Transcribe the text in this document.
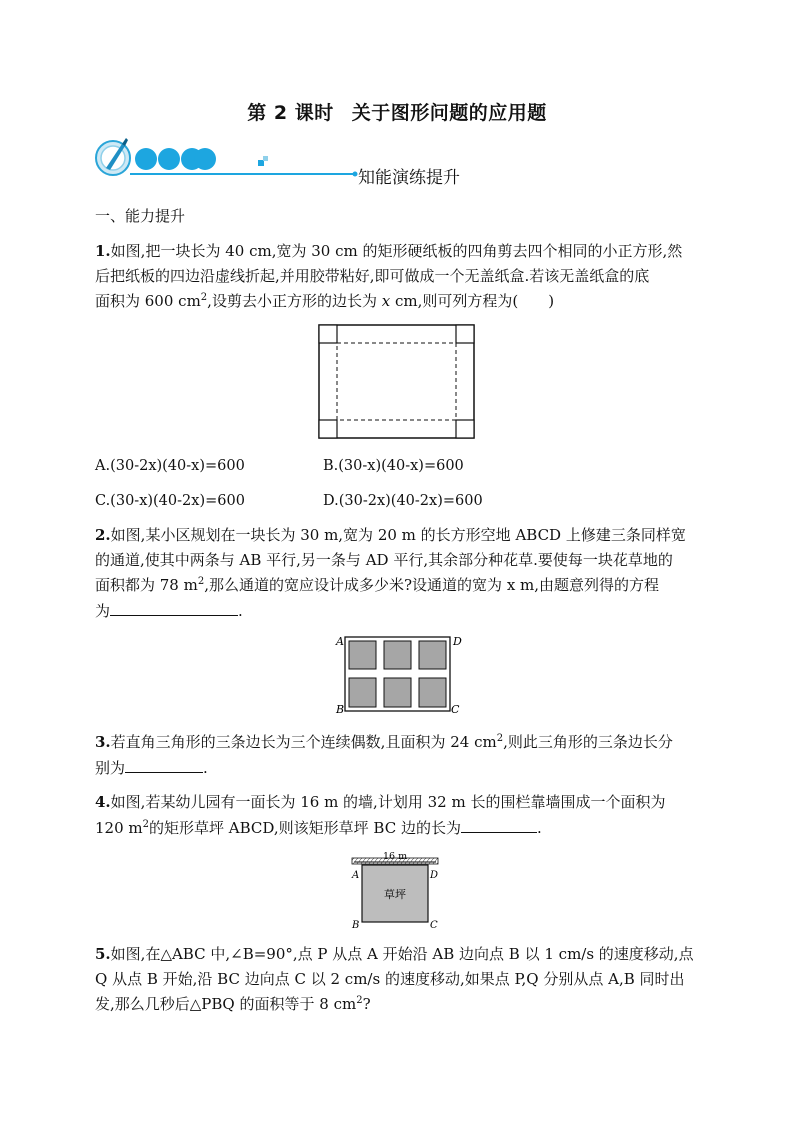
第 2 课时 关于图形问题的应用题
知能演练提升
一、能力提升
1.如图,把一块长为 40 cm,宽为 30 cm 的矩形硬纸板的四角剪去四个相同的小正方形,然
后把纸板的四边沿虚线折起,并用胶带粘好,即可做成一个无盖纸盒.若该无盖纸盒的底
面积为 600 $cm^2$,设剪去小正方形的边长为 x cm,则可列方程为(　　)
A.(30-2x)(40-x)=600	B.(30-x)(40-x)=600
C.(30-x)(40-2x)=600	D.(30-2x)(40-2x)=600
2.如图,某小区规划在一块长为 30 m,宽为 20 m 的长方形空地 ABCD 上修建三条同样宽
的通道,使其中两条与 AB 平行,另一条与 AD 平行,其余部分种花草.要使每一块花草地的
面积都为 78 $m^2$,那么通道的宽应设计成多少米?设通道的宽为 x m,由题意列得的方程
为	.
A	D
B	C
3.若直角三角形的三条边长为三个连续偶数,且面积为 24 $cm^2$,则此三角形的三条边长分
别为	.
4.如图,若某幼儿园有一面长为 16 m 的墙,计划用 32 m 长的围栏靠墙围成一个面积为
120 $m^2$的矩形草坪 ABCD,则该矩形草坪 BC 边的长为	.
16 m
草坪
A	D
B	C
5.如图,在△ABC 中,∠B=90°,点 P 从点 A 开始沿 AB 边向点 B 以 1 cm/s 的速度移动,点
Q 从点 B 开始,沿 BC 边向点 C 以 2 cm/s 的速度移动,如果点 P,Q 分别从点 A,B 同时出
发,那么几秒后△PBQ 的面积等于 8 $cm^2$?
